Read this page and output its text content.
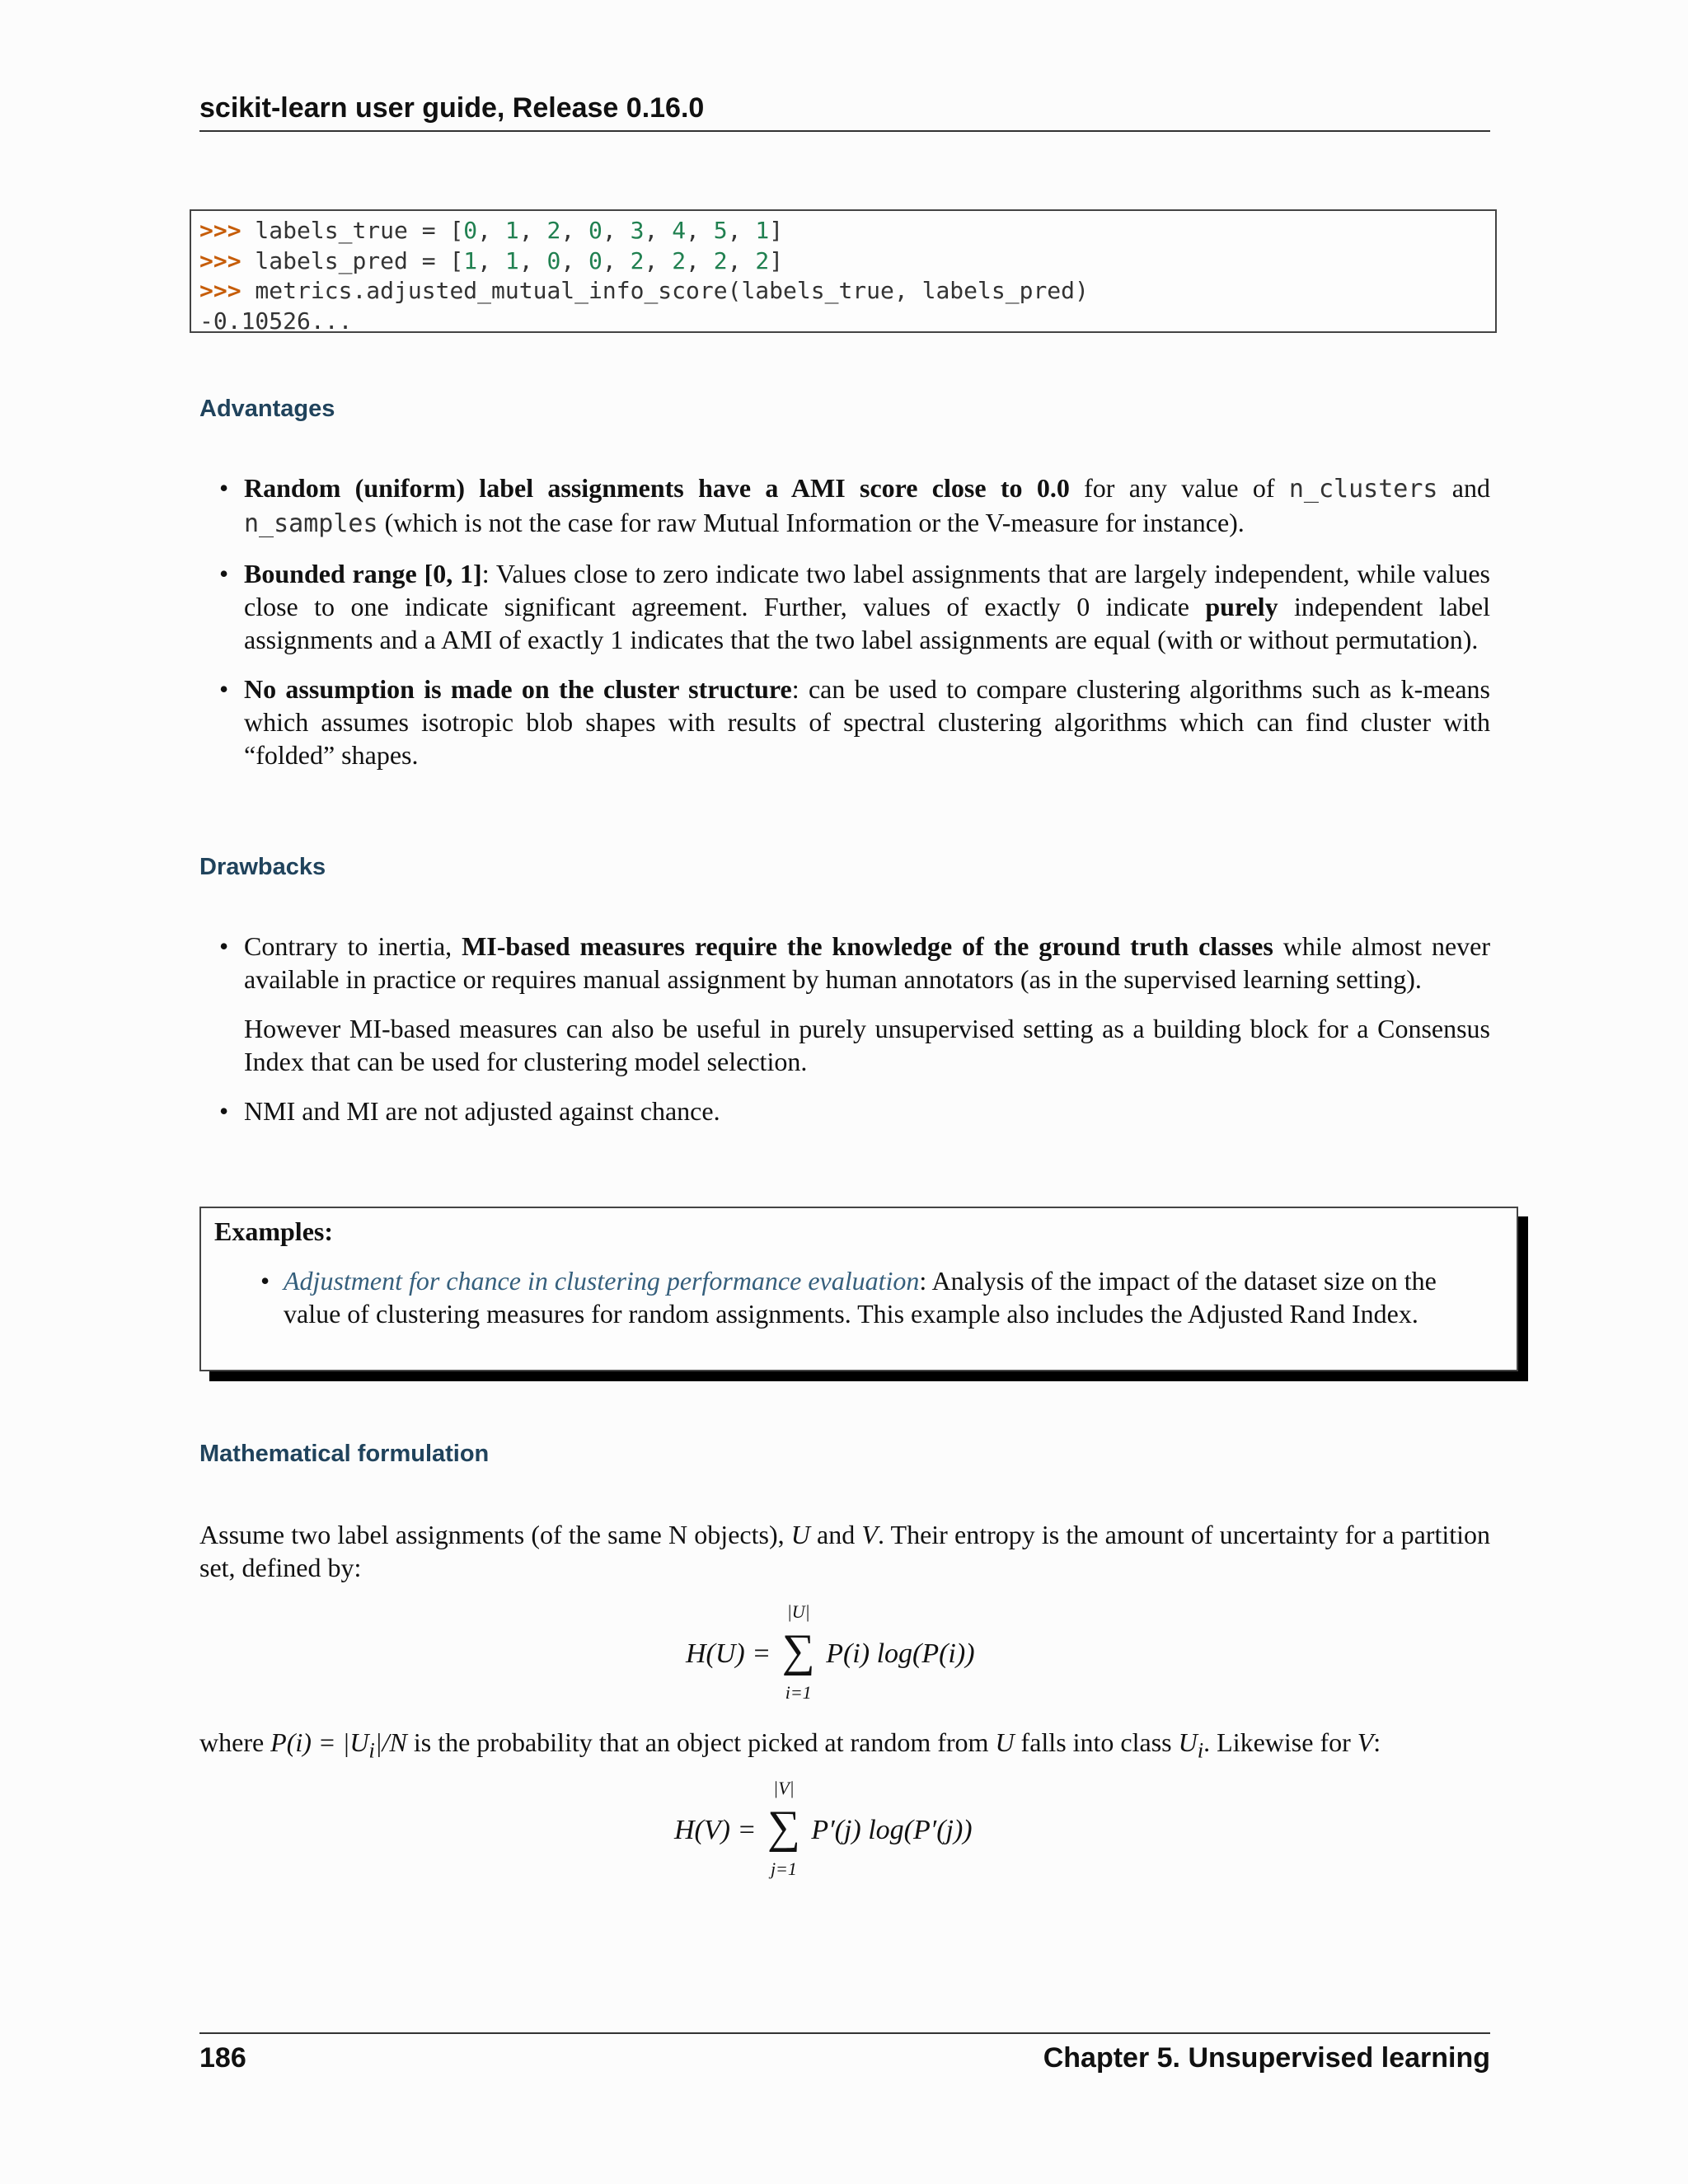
scikit-learn user guide, Release 0.16.0
>>> labels_true = [0, 1, 2, 0, 3, 4, 5, 1]
>>> labels_pred = [1, 1, 0, 0, 2, 2, 2, 2]
>>> metrics.adjusted_mutual_info_score(labels_true, labels_pred)
-0.10526...
Advantages
• Random (uniform) label assignments have a AMI score close to 0.0 for any value of n_clusters and n_samples (which is not the case for raw Mutual Information or the V-measure for instance).
• Bounded range [0, 1]: Values close to zero indicate two label assignments that are largely independent, while values close to one indicate significant agreement. Further, values of exactly 0 indicate purely independent label assignments and a AMI of exactly 1 indicates that the two label assignments are equal (with or without permutation).
• No assumption is made on the cluster structure: can be used to compare clustering algorithms such as k-means which assumes isotropic blob shapes with results of spectral clustering algorithms which can find cluster with “folded” shapes.
Drawbacks

• Contrary to inertia, MI-based measures require the knowledge of the ground truth classes while almost never available in practice or requires manual assignment by human annotators (as in the supervised learning setting).

However MI-based measures can also be useful in purely unsupervised setting as a building block for a Consensus Index that can be used for clustering model selection.

• NMI and MI are not adjusted against chance.
Examples:
• Adjustment for chance in clustering performance evaluation: Analysis of the impact of the dataset size on the value of clustering measures for random assignments. This example also includes the Adjusted Rand Index.
Mathematical formulation

Assume two label assignments (of the same N objects), U and V. Their entropy is the amount of uncertainty for a partition set, defined by:

H(U) =
|U|
∑
i=1
P(i) log(P(i))

where $P(i) = |U_i|/N$ is the probability that an object picked at random from U falls into class $U_i$. Likewise for V:

H(V) =
|V|
∑
j=1
P′(j) log(P′(j))
186	Chapter 5. Unsupervised learning
